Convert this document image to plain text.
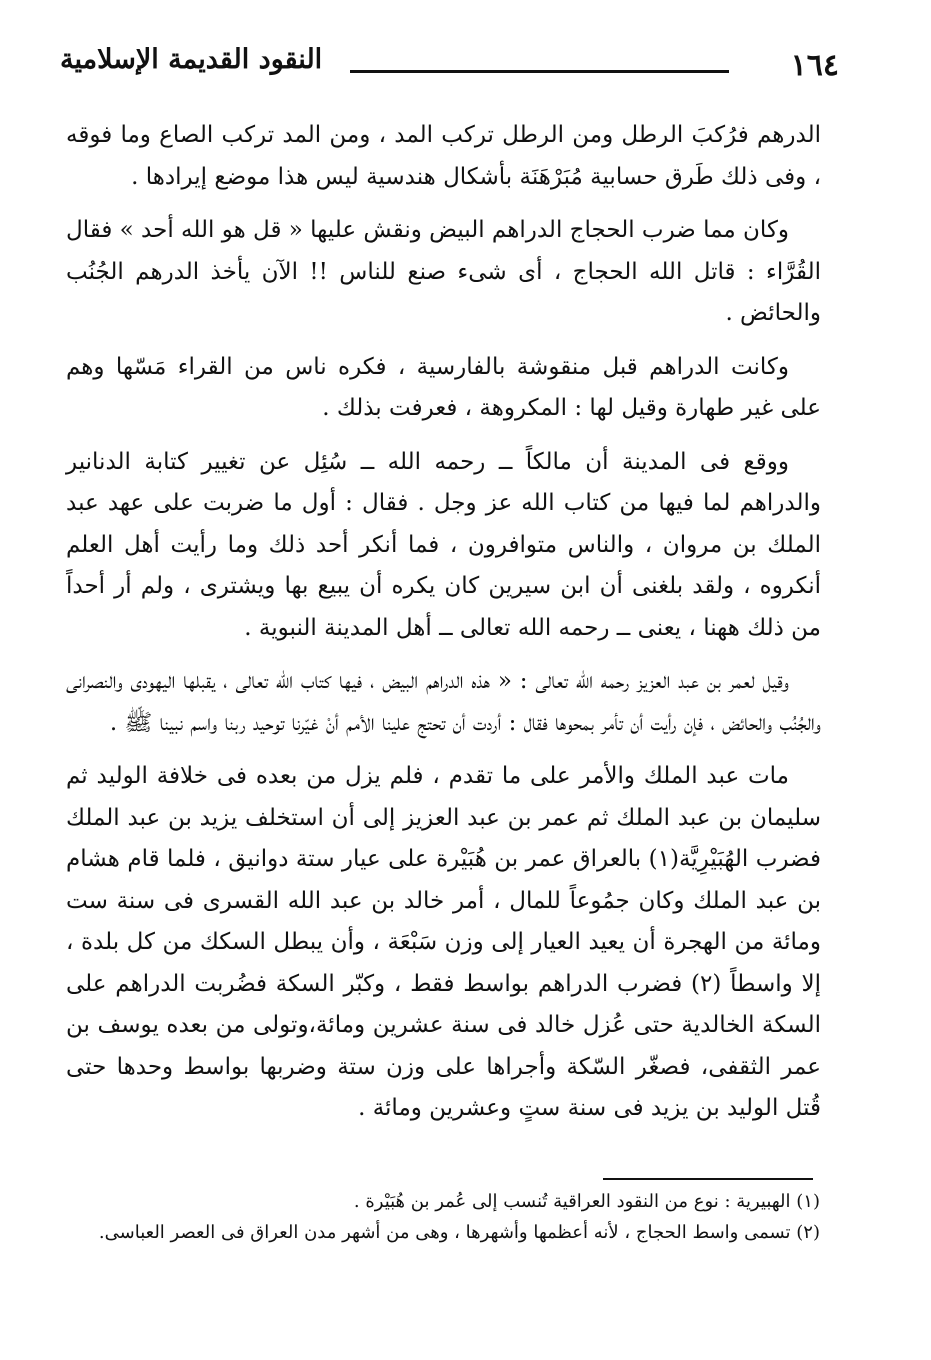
١٦٤
النقود القديمة الإسلامية

الدرهم فرُكبَ الرطل ومن الرطل تركب المد ، ومن المد تركب الصاع وما فوقه ، وفى ذلك طَرق حسابية مُبَرْهَنَة بأشكال هندسية ليس هذا موضع إيرادها .

وكان مما ضرب الحجاج الدراهم البيض ونقش عليها « قل هو الله أحد » فقال القُرَّاء : قاتل الله الحجاج ، أى شىء صنع للناس !! الآن يأخذ الدرهم الجُنُب والحائض .

وكانت الدراهم قبل منقوشة بالفارسية ، فكره ناس من القراء مَسّها وهم على غير طهارة وقيل لها : المكروهة ، فعرفت بذلك .

ووقع فى المدينة أن مالكاً ــ رحمه الله ــ سُئِل عن تغيير كتابة الدنانير والدراهم لما فيها من كتاب الله عز وجل . فقال : أول ما ضربت على عهد عبد الملك بن مروان ، والناس متوافرون ، فما أنكر أحد ذلك وما رأيت أهل العلم أنكروه ، ولقد بلغنى أن ابن سيرين كان يكره أن يبيع بها ويشترى ، ولم أر أحداً من ذلك ههنا ، يعنى ــ رحمه الله تعالى ــ أهل المدينة النبوية .

وقيل لعمر بن عبد العزيز رحمه الله تعالى : « هذه الدراهم البيض ، فيها كتاب الله تعالى ، يقبلها اليهودى والنصرانى والجُنُب والحائض ، فإن رأيت أن تأمر بمحوها فقال : أردت أن تحتج علينا الأمم أنْ غيّرنا توحيد ربنا واسم نبينا ﷺ .

مات عبد الملك والأمر على ما تقدم ، فلم يزل من بعده فى خلافة الوليد ثم سليمان بن عبد الملك ثم عمر بن عبد العزيز إلى أن استخلف يزيد بن عبد الملك فضرب الهُبَيْرِيَّة(١) بالعراق عمر بن هُبَيْرة على عيار ستة دوانيق ، فلما قام هشام بن عبد الملك وكان جمُوعاً للمال ، أمر خالد بن عبد الله القسرى فى سنة ست ومائة من الهجرة أن يعيد العيار إلى وزن سَبْعَة ، وأن يبطل السكك من كل بلدة ، إلا واسطاً (٢) فضرب الدراهم بواسط فقط ، وكبّر السكة فضُربت الدراهم على السكة الخالدية حتى عُزل خالد فى سنة عشرين ومائة،وتولى من بعده يوسف بن عمر الثقفى، فصغّر السّكة وأجراها على وزن ستة وضربها بواسط وحدها حتى قُتل الوليد بن يزيد فى سنة ستٍ وعشرين ومائة .

(١) الهبيرية : نوع من النقود العراقية تُنسب إلى عُمر بن هُبَيْرة .

(٢) تسمى واسط الحجاج ، لأنه أعظمها وأشهرها ، وهى من أشهر مدن العراق فى العصر العباسى.
